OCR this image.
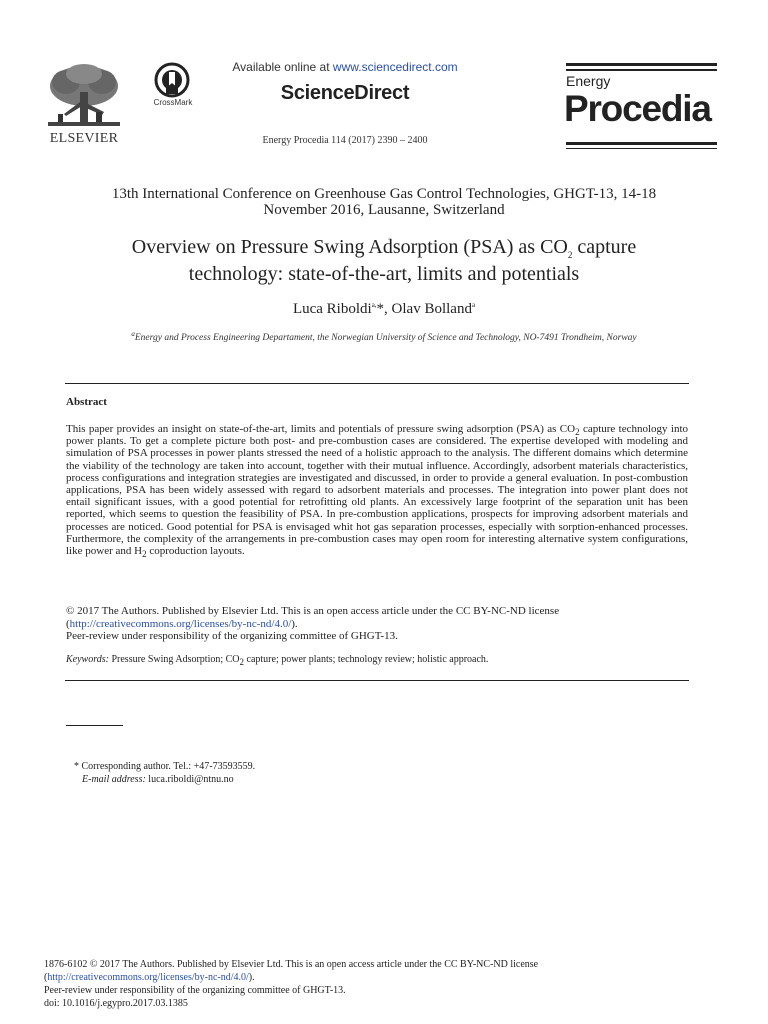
ELSEVIER
CrossMark
Available online at www.sciencedirect.com
ScienceDirect
Energy Procedia 114 (2017) 2390 – 2400
Energy
Procedia
13th International Conference on Greenhouse Gas Control Technologies, GHGT-13, 14-18
November 2016, Lausanne, Switzerland
Overview on Pressure Swing Adsorption (PSA) as $CO_2$ capture
technology: state-of-the-art, limits and potentials
Luca Riboldi$^{a,}$*, Olav Bolland$^a$
$^a$Energy and Process Engineering Departament, the Norwegian University of Science and Technology, NO-7491 Trondheim, Norway
Abstract
This paper provides an insight on state-of-the-art, limits and potentials of pressure swing adsorption (PSA) as $CO_2$ capture technology into power plants. To get a complete picture both post- and pre-combustion cases are considered. The expertise developed with modeling and simulation of PSA processes in power plants stressed the need of a holistic approach to the analysis. The different domains which determine the viability of the technology are taken into account, together with their mutual influence. Accordingly, adsorbent materials characteristics, process configurations and integration strategies are investigated and discussed, in order to provide a general evaluation. In post-combustion applications, PSA has been widely assessed with regard to adsorbent materials and processes. The integration into power plant does not entail significant issues, with a good potential for retrofitting old plants. An excessively large footprint of the separation unit has been reported, which seems to question the feasibility of PSA. In pre-combustion applications, prospects for improving adsorbent materials and processes are noticed. Good potential for PSA is envisaged whit hot gas separation processes, especially with sorption-enhanced processes. Furthermore, the complexity of the arrangements in pre-combustion cases may open room for interesting alternative system configurations, like power and $H_2$ coproduction layouts.
© 2017 The Authors. Published by Elsevier Ltd. This is an open access article under the CC BY-NC-ND license
(http://creativecommons.org/licenses/by-nc-nd/4.0/).
Peer-review under responsibility of the organizing committee of GHGT-13.
Keywords: Pressure Swing Adsorption; $CO_2$ capture; power plants; technology review; holistic approach.
* Corresponding author. Tel.: +47-73593559.
E-mail address: luca.riboldi@ntnu.no
1876-6102 © 2017 The Authors. Published by Elsevier Ltd. This is an open access article under the CC BY-NC-ND license
(http://creativecommons.org/licenses/by-nc-nd/4.0/).
Peer-review under responsibility of the organizing committee of GHGT-13.
doi: 10.1016/j.egypro.2017.03.1385
